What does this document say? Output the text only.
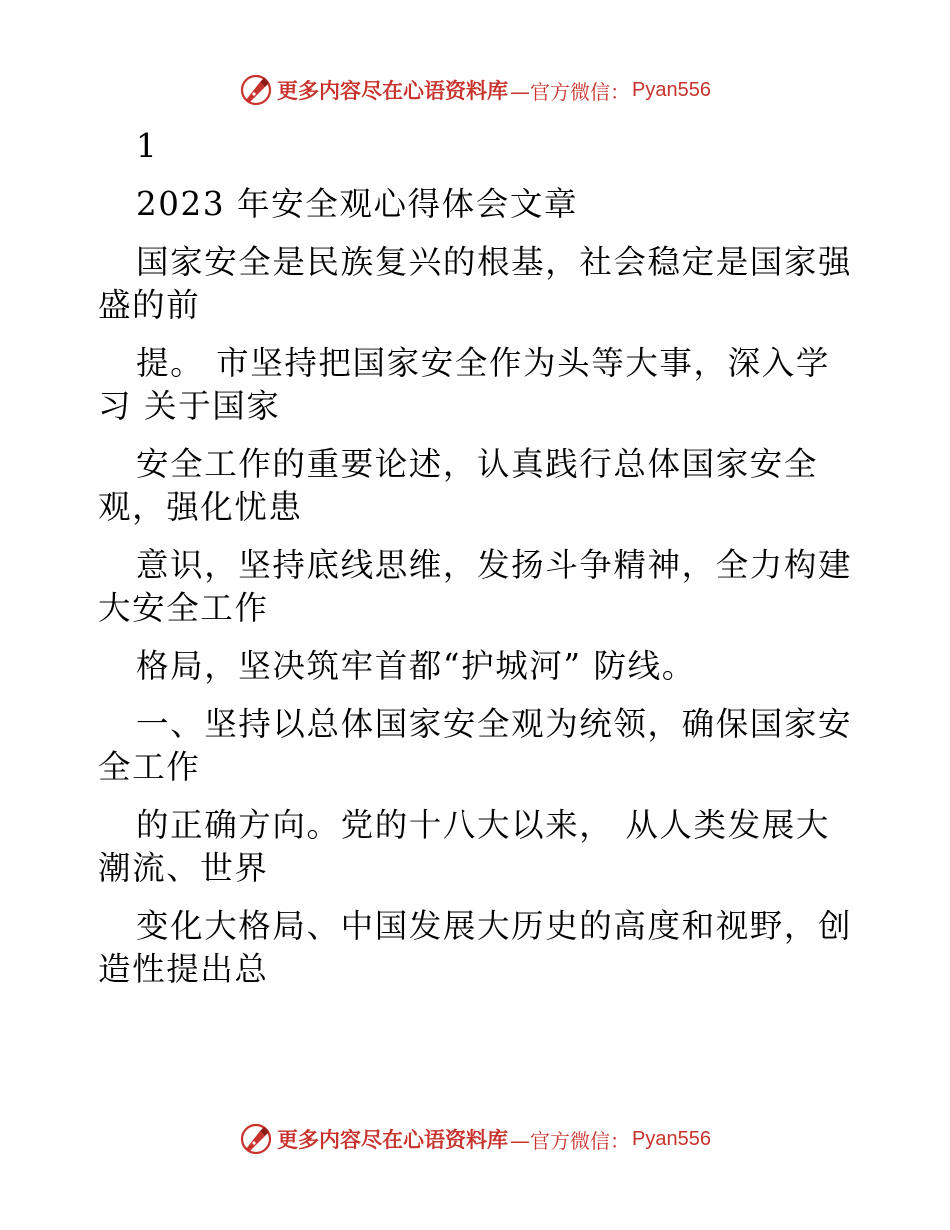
更多内容尽在心语资料库 —官方微信： Pyan556
1
2023 年安全观心得体会文章
国家安全是民族复兴的根基，社会稳定是国家强
盛的前
提。 市坚持把国家安全作为头等大事，深入学
习 关于国家
安全工作的重要论述，认真践行总体国家安全
观，强化忧患
意识，坚持底线思维，发扬斗争精神，全力构建
大安全工作
格局，坚决筑牢首都“护城河” 防线。
一、坚持以总体国家安全观为统领，确保国家安
全工作
的正确方向。党的十八大以来， 从人类发展大
潮流、世界
变化大格局、中国发展大历史的高度和视野，创
造性提出总
更多内容尽在心语资料库 —官方微信： Pyan556
